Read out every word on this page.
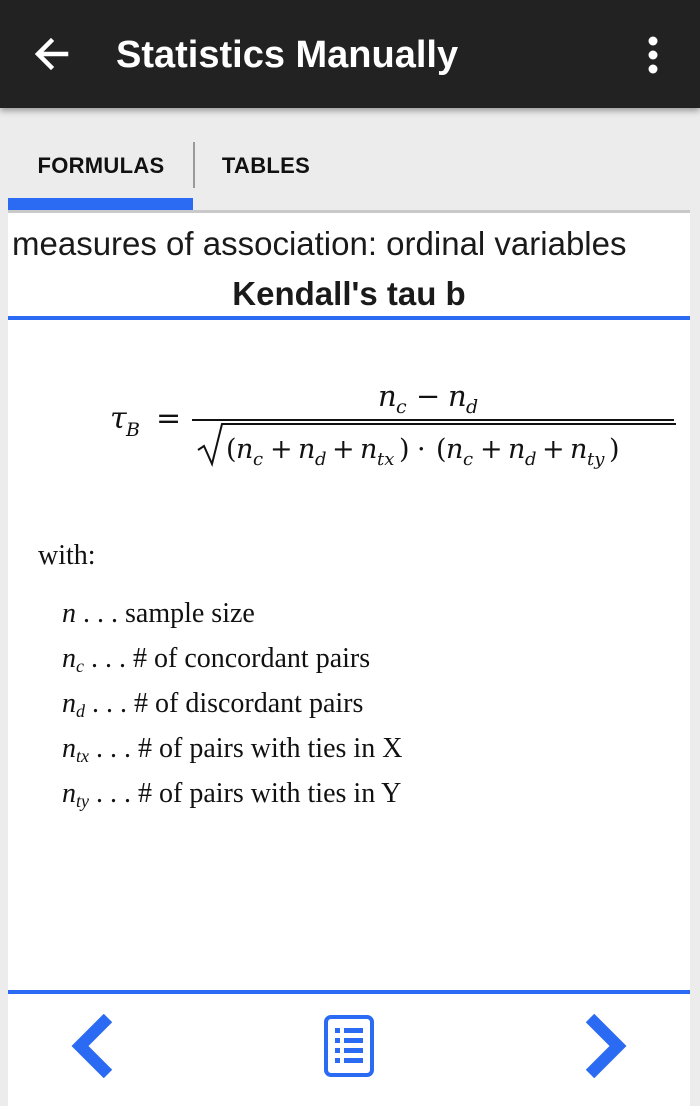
Statistics Manually
FORMULAS	TABLES
measures of association: ordinal variables
Kendall's tau b
τ B =
n c − n d
( n c + n d + n tx ) · ( n c + n d + n ty )
with:
n . . . sample size
$n_c$ . . . # of concordant pairs
$n_d$ . . . # of discordant pairs
$n_{tx}$ . . . # of pairs with ties in X
$n_{ty}$ . . . # of pairs with ties in Y
